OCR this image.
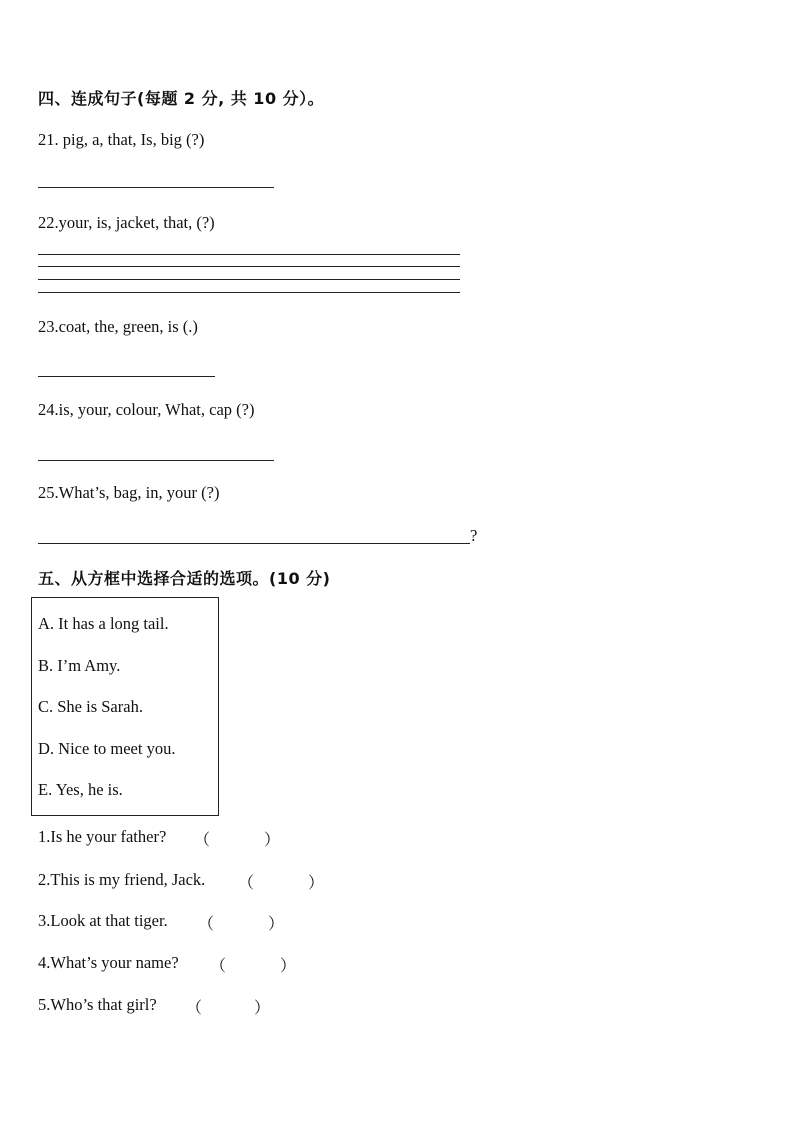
四、连成句子(每题 2 分, 共 10 分）。
21. pig, a, that, Is, big (?)
22.your, is, jacket, that, (?)
23.coat, the, green, is (.)
24.is, your, colour, What, cap (?)
25.What’s, bag, in, your (?)
?
五、从方框中选择合适的选项。(10 分)
A. It has a long tail.
B. I’m Amy.
C. She is Sarah.
D. Nice to meet you.
E. Yes, he is.
1.Is he your father? （	）
2.This is my friend, Jack. （	）
3.Look at that tiger. （	）
4.What’s your name? （	）
5.Who’s that girl? （	）
